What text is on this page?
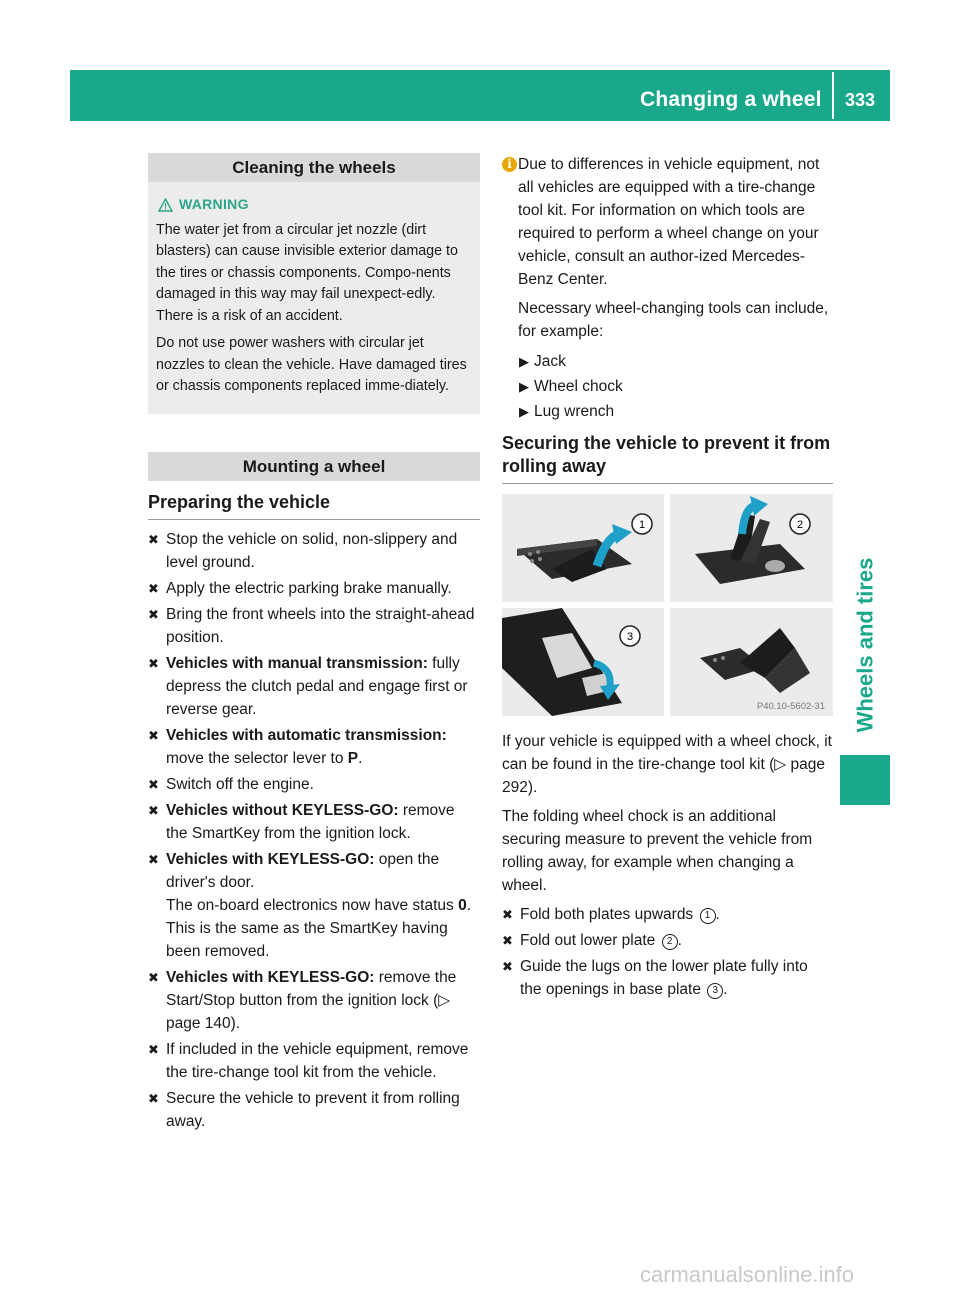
Changing a wheel 333
Wheels and tires
Cleaning the wheels
WARNING

The water jet from a circular jet nozzle (dirt blasters) can cause invisible exterior damage to the tires or chassis components. Compo-nents damaged in this way may fail unexpect-edly. There is a risk of an accident.

Do not use power washers with circular jet nozzles to clean the vehicle. Have damaged tires or chassis components replaced imme-diately.

Mounting a wheel
Preparing the vehicle
✖ Stop the vehicle on solid, non-slippery and level ground.
✖ Apply the electric parking brake manually.
✖ Bring the front wheels into the straight-ahead position.
✖ Vehicles with manual transmission: fully depress the clutch pedal and engage first or reverse gear.
✖ Vehicles with automatic transmission: move the selector lever to P.
✖ Switch off the engine.
✖ Vehicles without KEYLESS-GO: remove the SmartKey from the ignition lock.
✖ Vehicles with KEYLESS-GO: open the driver's door.
The on-board electronics now have status 0. This is the same as the SmartKey having been removed.
✖ Vehicles with KEYLESS-GO: remove the Start/Stop button from the ignition lock (▷ page 140).
✖ If included in the vehicle equipment, remove the tire-change tool kit from the vehicle.
✖ Secure the vehicle to prevent it from rolling away.

i Due to differences in vehicle equipment, not all vehicles are equipped with a tire-change tool kit. For information on which tools are required to perform a wheel change on your vehicle, consult an author-ized Mercedes-Benz Center.

Necessary wheel-changing tools can include, for example:

▶ Jack
▶ Wheel chock
▶ Lug wrench
Securing the vehicle to prevent it from rolling away
1	2
3
P40.10-5602-31

If your vehicle is equipped with a wheel chock, it can be found in the tire-change tool kit (▷ page 292).

The folding wheel chock is an additional securing measure to prevent the vehicle from rolling away, for example when changing a wheel.

✖ Fold both plates upwards 1 .
✖ Fold out lower plate 2 .
✖ Guide the lugs on the lower plate fully into the openings in base plate 3 .
carmanualsonline.info
